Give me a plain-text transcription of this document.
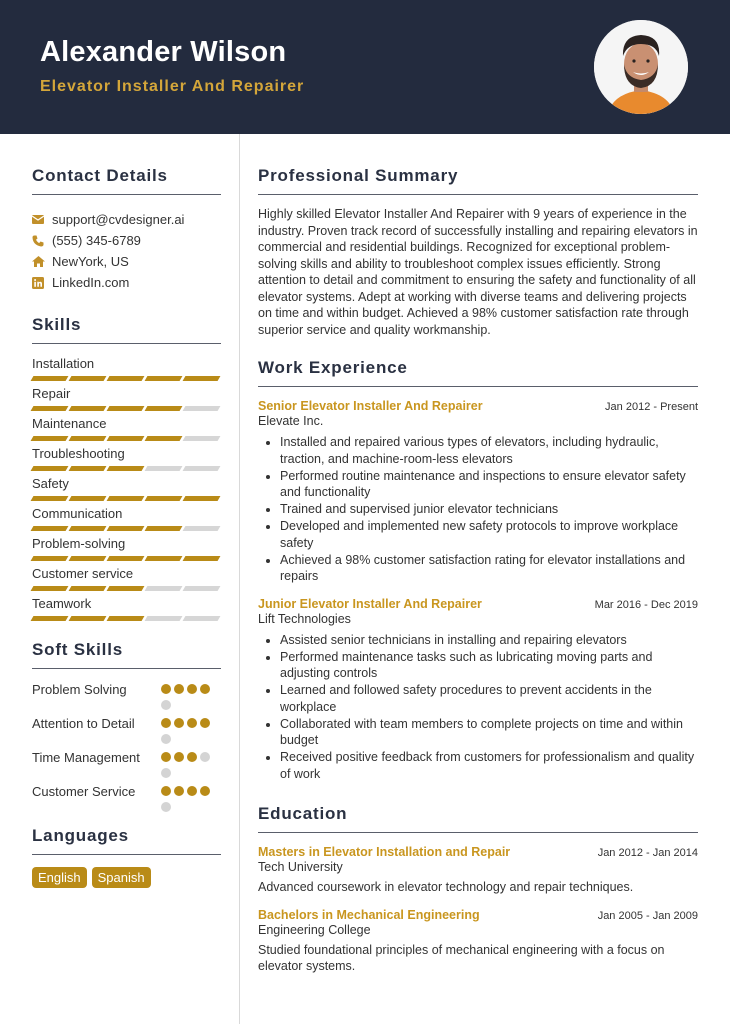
Alexander Wilson
Elevator Installer And Repairer
Contact Details
support@cvdesigner.ai
(555) 345-6789
NewYork, US
LinkedIn.com
Skills
Installation
Repair
Maintenance
Troubleshooting
Safety
Communication
Problem-solving
Customer service
Teamwork
Soft Skills
Problem Solving
Attention to Detail
Time Management
Customer Service
Languages
English	Spanish
Professional Summary

Highly skilled Elevator Installer And Repairer with 9 years of experience in the industry. Proven track record of successfully installing and repairing elevators in commercial and residential buildings. Recognized for exceptional problem-solving skills and ability to troubleshoot complex issues efficiently. Strong attention to detail and commitment to ensuring the safety and functionality of all elevator systems. Adept at working with diverse teams and delivering projects on time and within budget. Achieved a 98% customer satisfaction rate through superior service and quality workmanship.

Work Experience
Senior Elevator Installer And Repairer	Jan 2012 - Present
Elevate Inc.
• Installed and repaired various types of elevators, including hydraulic, traction, and machine-room-less elevators
• Performed routine maintenance and inspections to ensure elevator safety and functionality
• Trained and supervised junior elevator technicians
• Developed and implemented new safety protocols to improve workplace safety
• Achieved a 98% customer satisfaction rating for elevator installations and repairs
Junior Elevator Installer And Repairer	Mar 2016 - Dec 2019
Lift Technologies
• Assisted senior technicians in installing and repairing elevators
• Performed maintenance tasks such as lubricating moving parts and adjusting controls
• Learned and followed safety procedures to prevent accidents in the workplace
• Collaborated with team members to complete projects on time and within budget
• Received positive feedback from customers for professionalism and quality of work
Education
Masters in Elevator Installation and Repair	Jan 2012 - Jan 2014
Tech University
Advanced coursework in elevator technology and repair techniques.
Bachelors in Mechanical Engineering	Jan 2005 - Jan 2009
Engineering College
Studied foundational principles of mechanical engineering with a focus on elevator systems.
